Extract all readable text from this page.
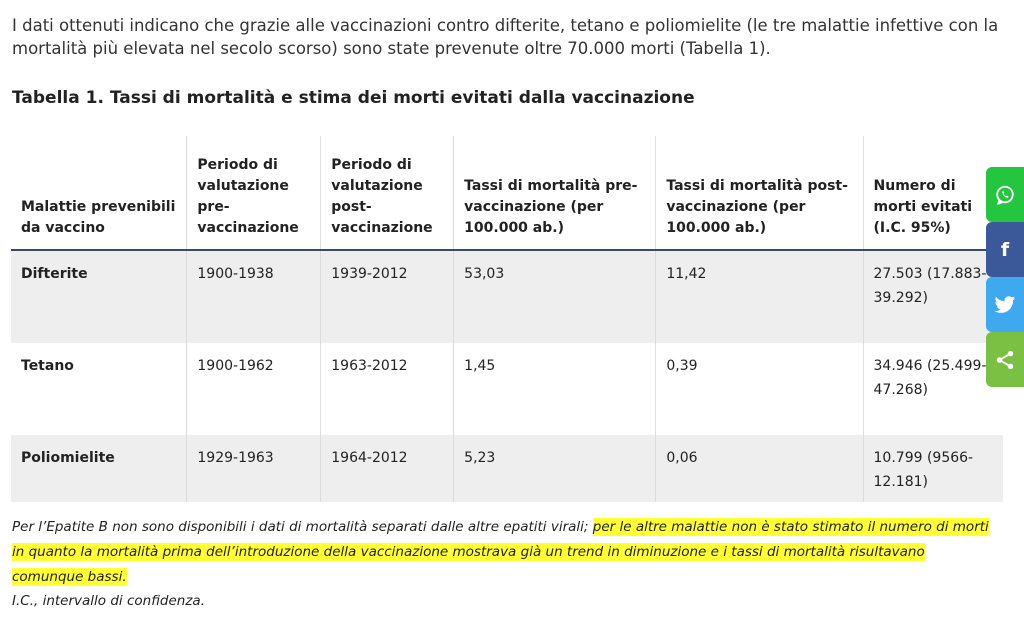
I dati ottenuti indicano che grazie alle vaccinazioni contro difterite, tetano e poliomielite (le tre malattie infettive con la mortalità più elevata nel secolo scorso) sono state prevenute oltre 70.000 morti (Tabella 1).

Tabella 1. Tassi di mortalità e stima dei morti evitati dalla vaccinazione
Malattie prevenibili da vaccino	Periodo di valutazione pre-vaccinazione	Periodo di valutazione post-vaccinazione	Tassi di mortalità pre-vaccinazione (per 100.000 ab.)	Tassi di mortalità post-vaccinazione (per 100.000 ab.)	Numero di morti evitati (I.C. 95%)
Difterite	1900-1938	1939-2012	53,03	11,42	27.503 (17.883-39.292)
Tetano	1900-1962	1963-2012	1,45	0,39	34.946 (25.499-47.268)
Poliomielite	1929-1963	1964-2012	5,23	0,06	10.799 (9566-12.181)

Per l’Epatite B non sono disponibili i dati di mortalità separati dalle altre epatiti virali; per le altre malattie non è stato stimato il numero di morti in quanto la mortalità prima dell’introduzione della vaccinazione mostrava già un trend in diminuzione e i tassi di mortalità risultavano comunque bassi.

I.C., intervallo di confidenza.

f
